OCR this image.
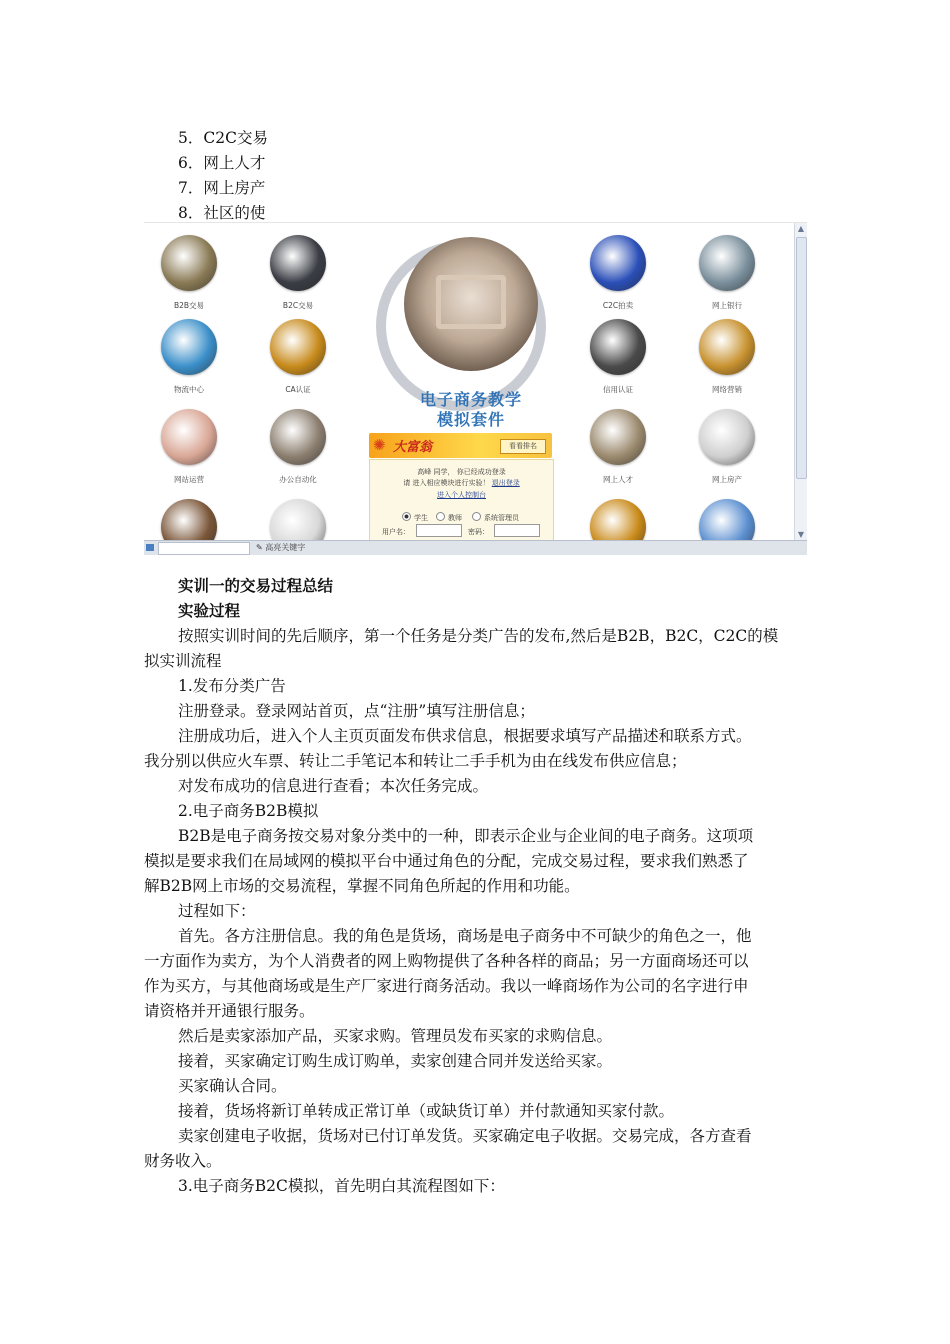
5．C2C交易
6．网上人才
7．网上房产
8．社区的使
B2B交易	B2C交易
物流中心	CA认证
网站运营	办公自动化
C2C拍卖	网上银行
信用认证	网络营销
网上人才	网上房产
电子商务教学
模拟套件
✺ 大富翁	看看排名
高峰 同学， 你已经成功登录
请 进入相应模块进行实验！ 退出登录
进入个人控制台
学生	教师	系统管理员
用户名：	密码：
▲
▼
✎ 高亮关键字
实训一的交易过程总结
实验过程
按照实训时间的先后顺序，第一个任务是分类广告的发布,然后是B2B，B2C，C2C的模
拟实训流程
1.发布分类广告
注册登录。登录网站首页，点“注册”填写注册信息；
注册成功后，进入个人主页页面发布供求信息，根据要求填写产品描述和联系方式。
我分别以供应火车票、转让二手笔记本和转让二手手机为由在线发布供应信息；
对发布成功的信息进行查看；本次任务完成。
2.电子商务B2B模拟
B2B是电子商务按交易对象分类中的一种，即表示企业与企业间的电子商务。这项项
模拟是要求我们在局域网的模拟平台中通过角色的分配，完成交易过程，要求我们熟悉了
解B2B网上市场的交易流程，掌握不同角色所起的作用和功能。
过程如下：
首先。各方注册信息。我的角色是货场，商场是电子商务中不可缺少的角色之一，他
一方面作为卖方，为个人消费者的网上购物提供了各种各样的商品；另一方面商场还可以
作为买方，与其他商场或是生产厂家进行商务活动。我以一峰商场作为公司的名字进行申
请资格并开通银行服务。
然后是卖家添加产品，买家求购。管理员发布买家的求购信息。
接着，买家确定订购生成订购单，卖家创建合同并发送给买家。
买家确认合同。
接着，货场将新订单转成正常订单（或缺货订单）并付款通知买家付款。
卖家创建电子收据，货场对已付订单发货。买家确定电子收据。交易完成，各方查看
财务收入。
3.电子商务B2C模拟，首先明白其流程图如下：
